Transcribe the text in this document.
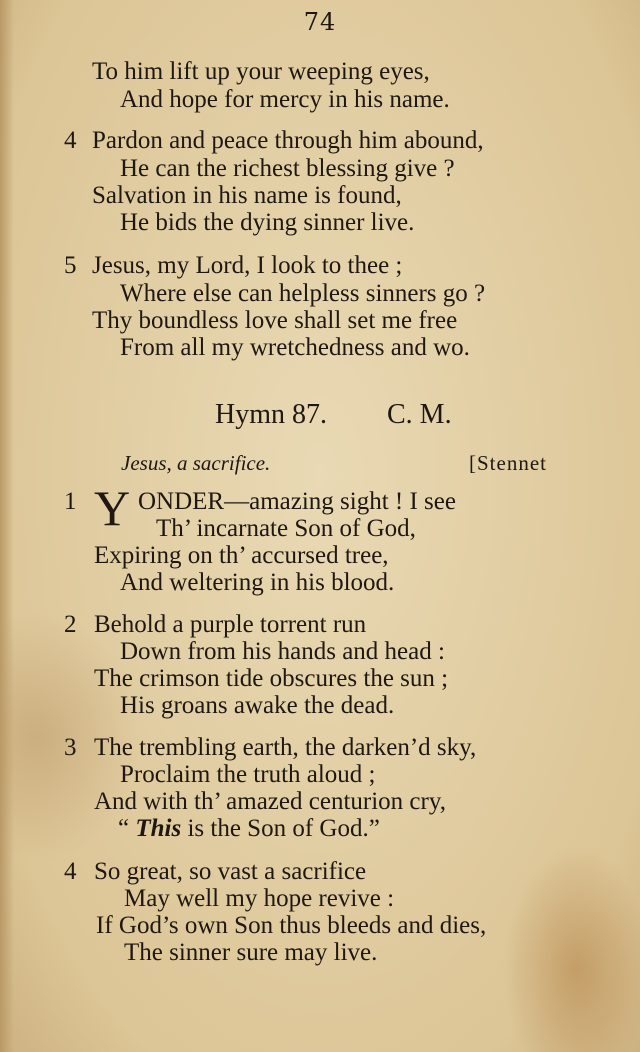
74
To him lift up your weeping eyes,
And hope for mercy in his name.
4 Pardon and peace through him abound,
He can the richest blessing give ?
Salvation in his name is found,
He bids the dying sinner live.
5 Jesus, my Lord, I look to thee ;
Where else can helpless sinners go ?
Thy boundless love shall set me free
From all my wretchedness and wo.
Hymn 87. C. M.
Jesus, a sacrifice.	[Stennet
1 Y ONDER—amazing sight ! I see
Th’ incarnate Son of God,
Expiring on th’ accursed tree,
And weltering in his blood.
2 Behold a purple torrent run
Down from his hands and head :
The crimson tide obscures the sun ;
His groans awake the dead.
3 The trembling earth, the darken’d sky,
Proclaim the truth aloud ;
And with th’ amazed centurion cry,
“ This is the Son of God.”
4 So great, so vast a sacrifice
May well my hope revive :
If God’s own Son thus bleeds and dies,
The sinner sure may live.
